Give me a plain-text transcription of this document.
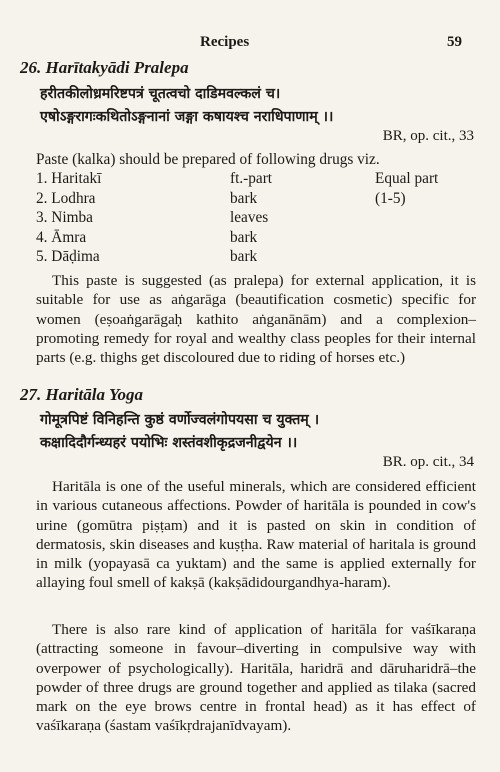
Recipes	59
26. Harītakyādi Pralepa
हरीतकीलोध्रमरिष्टपत्रं चूतत्वचो दाडिमवल्कलं च।
एषोऽङ्गरागःकथितोऽङ्गनानां जङ्गा कषायश्च नराधिपाणाम् ।।
BR, op. cit., 33
Paste (kalka) should be prepared of following drugs viz.
1. Haritakī	ft.-part	Equal part
2. Lodhra	bark	(1-5)
3. Nimba	leaves	
4. Āmra	bark	
5. Dāḍima	bark	
This paste is suggested (as pralepa) for external application, it is suitable for use as aṅgarāga (beautification cosmetic) specific for women (eṣoaṅgarāgaḥ kathito aṅganānām) and a complexion–promoting remedy for royal and wealthy class peoples for their internal parts (e.g. thighs get discoloured due to riding of horses etc.)
27. Haritāla Yoga
गोमूत्रपिष्टं विनिहन्ति कुष्ठं वर्णोज्वलंगोपयसा च युक्तम् ।
कक्षादिदौर्गन्ध्यहरं पयोभिः शस्तंवशीकृद्रजनीद्वयेन ।।
BR. op. cit., 34
Haritāla is one of the useful minerals, which are considered efficient in various cutaneous affections. Powder of haritāla is pounded in cow's urine (gomūtra piṣṭam) and it is pasted on skin in condition of dermatosis, skin diseases and kuṣṭha. Raw material of haritala is ground in milk (yopayasā ca yuktam) and the same is applied externally for allaying foul smell of kakṣā (kakṣādidourgandhya-haram).
There is also rare kind of application of haritāla for vaśīkaraṇa (attracting someone in favour–diverting in compulsive way with overpower of psychologically). Haritāla, haridrā and dāruharidrā–the powder of three drugs are ground together and applied as tilaka (sacred mark on the eye brows centre in frontal head) as it has effect of vaśīkaraṇa (śastam vaśīkṛdrajanīdvayam).
